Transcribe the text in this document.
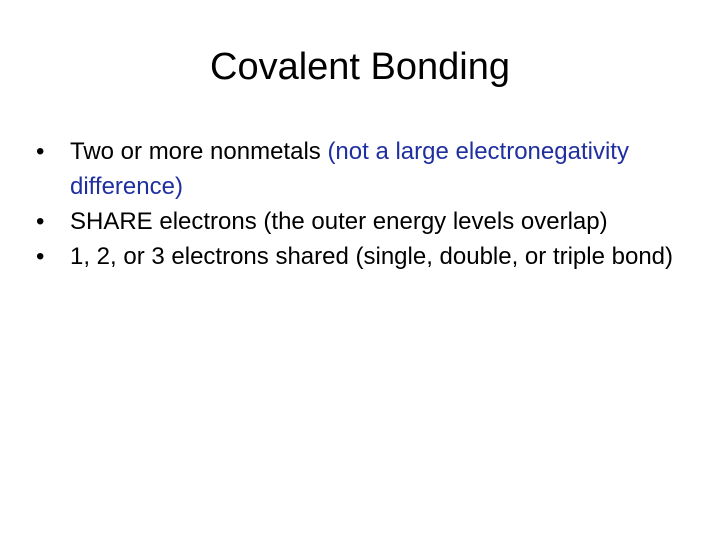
Covalent Bonding
•	Two or more nonmetals (not a large electronegativity difference)
•	SHARE electrons (the outer energy levels overlap)
•	1, 2, or 3 electrons shared (single, double, or triple bond)
